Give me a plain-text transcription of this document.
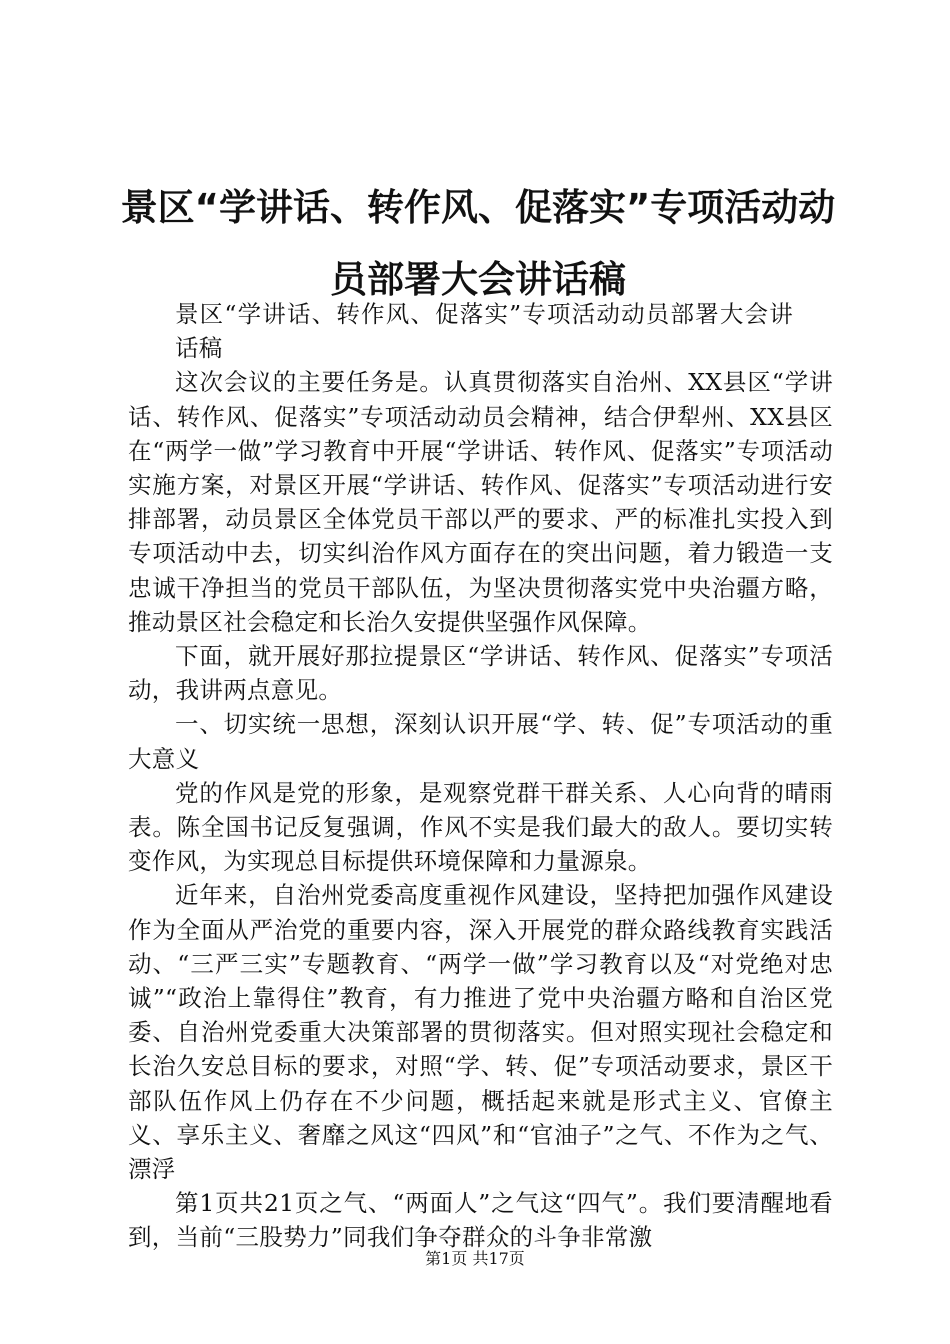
景区“学讲话、转作风、促落实”专项活动动
员部署大会讲话稿

景区“学讲话、转作风、促落实”专项活动动员部署大会讲话稿

这次会议的主要任务是。认真贯彻落实自治州、XX县区“学讲话、转作风、促落实”专项活动动员会精神，结合伊犁州、XX县区在“两学一做”学习教育中开展“学讲话、转作风、促落实”专项活动实施方案，对景区开展“学讲话、转作风、促落实”专项活动进行安排部署，动员景区全体党员干部以严的要求、严的标准扎实投入到专项活动中去，切实纠治作风方面存在的突出问题，着力锻造一支忠诚干净担当的党员干部队伍，为坚决贯彻落实党中央治疆方略，推动景区社会稳定和长治久安提供坚强作风保障。

下面，就开展好那拉提景区“学讲话、转作风、促落实”专项活动，我讲两点意见。

一、切实统一思想，深刻认识开展“学、转、促”专项活动的重大意义

党的作风是党的形象，是观察党群干群关系、人心向背的晴雨表。陈全国书记反复强调，作风不实是我们最大的敌人。要切实转变作风，为实现总目标提供环境保障和力量源泉。

近年来，自治州党委高度重视作风建设，坚持把加强作风建设作为全面从严治党的重要内容，深入开展党的群众路线教育实践活动、“三严三实”专题教育、“两学一做”学习教育以及“对党绝对忠诚”“政治上靠得住”教育，有力推进了党中央治疆方略和自治区党委、自治州党委重大决策部署的贯彻落实。但对照实现社会稳定和长治久安总目标的要求，对照“学、转、促”专项活动要求，景区干部队伍作风上仍存在不少问题，概括起来就是形式主义、官僚主义、享乐主义、奢靡之风这“四风”和“官油子”之气、不作为之气、漂浮

第1页共21页之气、“两面人”之气这“四气”。我们要清醒地看到，当前“三股势力”同我们争夺群众的斗争非常激

第1页 共17页
